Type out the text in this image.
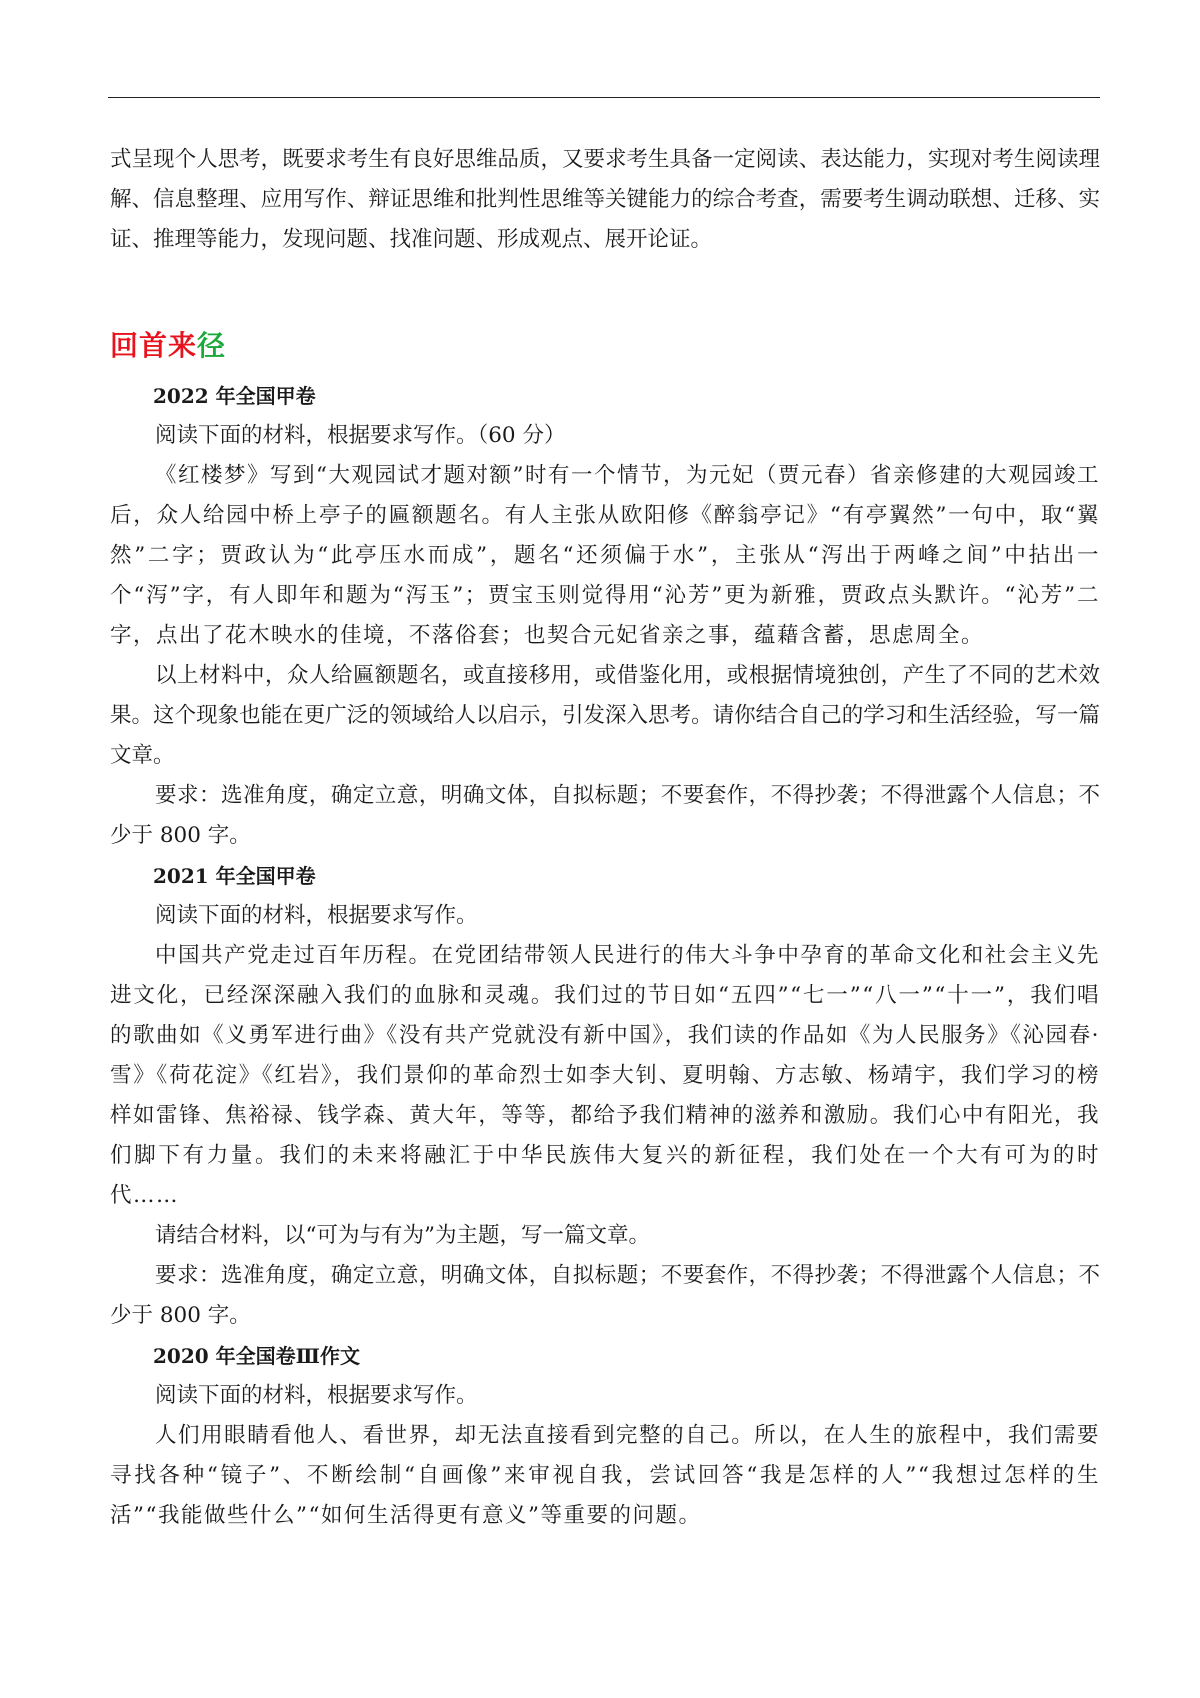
式呈现个人思考，既要求考生有良好思维品质，又要求考生具备一定阅读、表达能力，实现对考生阅读理解、信息整理、应用写作、辩证思维和批判性思维等关键能力的综合考查，需要考生调动联想、迁移、实证、推理等能力，发现问题、找准问题、形成观点、展开论证。

回首来径
2022 年全国甲卷

阅读下面的材料，根据要求写作。（60 分）

《红楼梦》写到“大观园试才题对额”时有一个情节，为元妃（贾元春）省亲修建的大观园竣工后，众人给园中桥上亭子的匾额题名。有人主张从欧阳修《醉翁亭记》“有亭翼然”一句中，取“翼然”二字；贾政认为“此亭压水而成”，题名“还须偏于水”，主张从“泻出于两峰之间”中拈出一个“泻”字，有人即年和题为“泻玉”；贾宝玉则觉得用“沁芳”更为新雅，贾政点头默许。“沁芳”二字，点出了花木映水的佳境，不落俗套；也契合元妃省亲之事，蕴藉含蓄，思虑周全。

以上材料中，众人给匾额题名，或直接移用，或借鉴化用，或根据情境独创，产生了不同的艺术效果。这个现象也能在更广泛的领域给人以启示，引发深入思考。请你结合自己的学习和生活经验，写一篇文章。

要求：选准角度，确定立意，明确文体，自拟标题；不要套作，不得抄袭；不得泄露个人信息；不少于 800 字。

2021 年全国甲卷

阅读下面的材料，根据要求写作。

中国共产党走过百年历程。在党团结带领人民进行的伟大斗争中孕育的革命文化和社会主义先进文化，已经深深融入我们的血脉和灵魂。我们过的节日如“五四”“七一”“八一”“十一”，我们唱的歌曲如《义勇军进行曲》《没有共产党就没有新中国》，我们读的作品如《为人民服务》《沁园春·雪》《荷花淀》《红岩》，我们景仰的革命烈士如李大钊、夏明翰、方志敏、杨靖宇，我们学习的榜样如雷锋、焦裕禄、钱学森、黄大年，等等，都给予我们精神的滋养和激励。我们心中有阳光，我们脚下有力量。我们的未来将融汇于中华民族伟大复兴的新征程，我们处在一个大有可为的时代……

请结合材料，以“可为与有为”为主题，写一篇文章。

要求：选准角度，确定立意，明确文体，自拟标题；不要套作，不得抄袭；不得泄露个人信息；不少于 800 字。

2020 年全国卷Ⅲ作文

阅读下面的材料，根据要求写作。

人们用眼睛看他人、看世界，却无法直接看到完整的自己。所以，在人生的旅程中，我们需要寻找各种“镜子”、不断绘制“自画像”来审视自我，尝试回答“我是怎样的人”“我想过怎样的生活”“我能做些什么”“如何生活得更有意义”等重要的问题。
